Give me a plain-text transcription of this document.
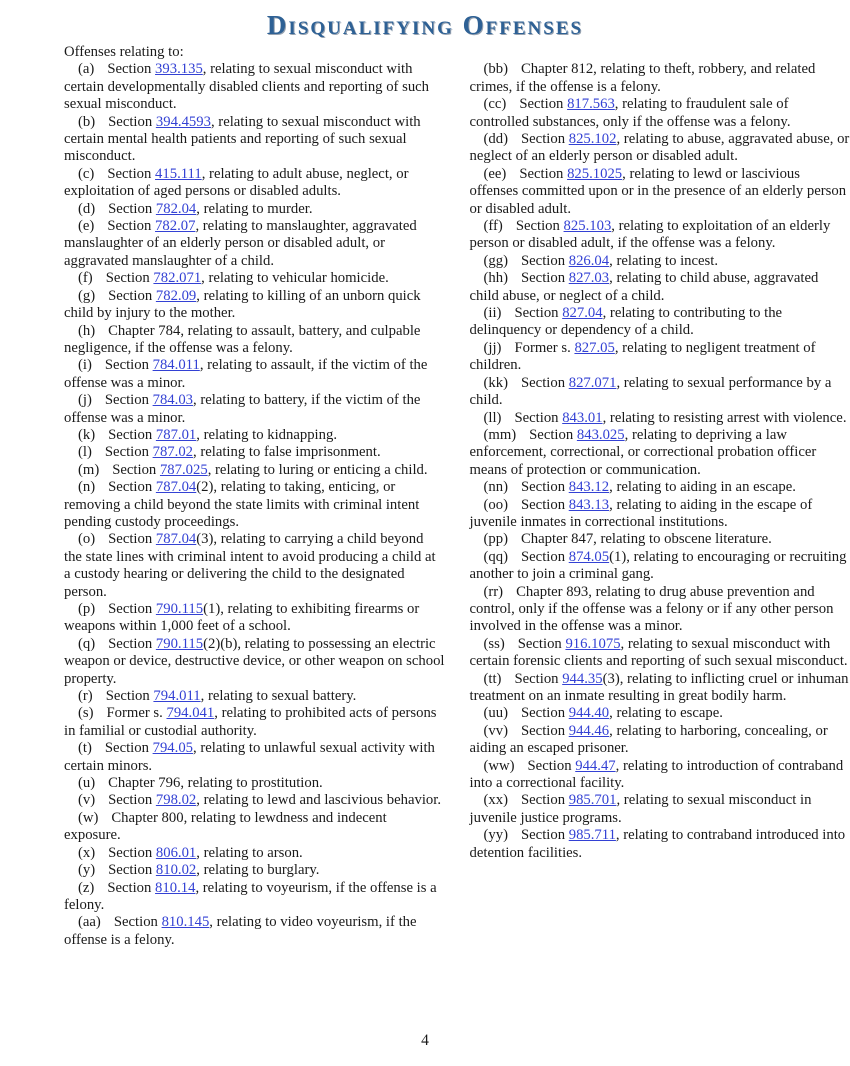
Disqualifying Offenses

Offenses relating to:

(a) Section 393.135, relating to sexual misconduct with certain developmentally disabled clients and reporting of such sexual misconduct.

(b) Section 394.4593, relating to sexual misconduct with certain mental health patients and reporting of such sexual misconduct.

(c) Section 415.111, relating to adult abuse, neglect, or exploitation of aged persons or disabled adults.

(d) Section 782.04, relating to murder.

(e) Section 782.07, relating to manslaughter, aggravated manslaughter of an elderly person or disabled adult, or aggravated manslaughter of a child.

(f) Section 782.071, relating to vehicular homicide.

(g) Section 782.09, relating to killing of an unborn quick child by injury to the mother.

(h) Chapter 784, relating to assault, battery, and culpable negligence, if the offense was a felony.

(i) Section 784.011, relating to assault, if the victim of the offense was a minor.

(j) Section 784.03, relating to battery, if the victim of the offense was a minor.

(k) Section 787.01, relating to kidnapping.

(l) Section 787.02, relating to false imprisonment.

(m) Section 787.025, relating to luring or enticing a child.

(n) Section 787.04(2), relating to taking, enticing, or removing a child beyond the state limits with criminal intent pending custody proceedings.

(o) Section 787.04(3), relating to carrying a child beyond the state lines with criminal intent to avoid producing a child at a custody hearing or delivering the child to the designated person.

(p) Section 790.115(1), relating to exhibiting firearms or weapons within 1,000 feet of a school.

(q) Section 790.115(2)(b), relating to possessing an electric weapon or device, destructive device, or other weapon on school property.

(r) Section 794.011, relating to sexual battery.

(s) Former s. 794.041, relating to prohibited acts of persons in familial or custodial authority.

(t) Section 794.05, relating to unlawful sexual activity with certain minors.

(u) Chapter 796, relating to prostitution.

(v) Section 798.02, relating to lewd and lascivious behavior.

(w) Chapter 800, relating to lewdness and indecent exposure.

(x) Section 806.01, relating to arson.

(y) Section 810.02, relating to burglary.

(z) Section 810.14, relating to voyeurism, if the offense is a felony.

(aa) Section 810.145, relating to video voyeurism, if the offense is a felony.

(bb) Chapter 812, relating to theft, robbery, and related crimes, if the offense is a felony.

(cc) Section 817.563, relating to fraudulent sale of controlled substances, only if the offense was a felony.

(dd) Section 825.102, relating to abuse, aggravated abuse, or neglect of an elderly person or disabled adult.

(ee) Section 825.1025, relating to lewd or lascivious offenses committed upon or in the presence of an elderly person or disabled adult.

(ff) Section 825.103, relating to exploitation of an elderly person or disabled adult, if the offense was a felony.

(gg) Section 826.04, relating to incest.

(hh) Section 827.03, relating to child abuse, aggravated child abuse, or neglect of a child.

(ii) Section 827.04, relating to contributing to the delinquency or dependency of a child.

(jj) Former s. 827.05, relating to negligent treatment of children.

(kk) Section 827.071, relating to sexual performance by a child.

(ll) Section 843.01, relating to resisting arrest with violence.

(mm) Section 843.025, relating to depriving a law enforcement, correctional, or correctional probation officer means of protection or communication.

(nn) Section 843.12, relating to aiding in an escape.

(oo) Section 843.13, relating to aiding in the escape of juvenile inmates in correctional institutions.

(pp) Chapter 847, relating to obscene literature.

(qq) Section 874.05(1), relating to encouraging or recruiting another to join a criminal gang.

(rr) Chapter 893, relating to drug abuse prevention and control, only if the offense was a felony or if any other person involved in the offense was a minor.

(ss) Section 916.1075, relating to sexual misconduct with certain forensic clients and reporting of such sexual misconduct.

(tt) Section 944.35(3), relating to inflicting cruel or inhuman treatment on an inmate resulting in great bodily harm.

(uu) Section 944.40, relating to escape.

(vv) Section 944.46, relating to harboring, concealing, or aiding an escaped prisoner.

(ww) Section 944.47, relating to introduction of contraband into a correctional facility.

(xx) Section 985.701, relating to sexual misconduct in juvenile justice programs.

(yy) Section 985.711, relating to contraband introduced into detention facilities.

4
